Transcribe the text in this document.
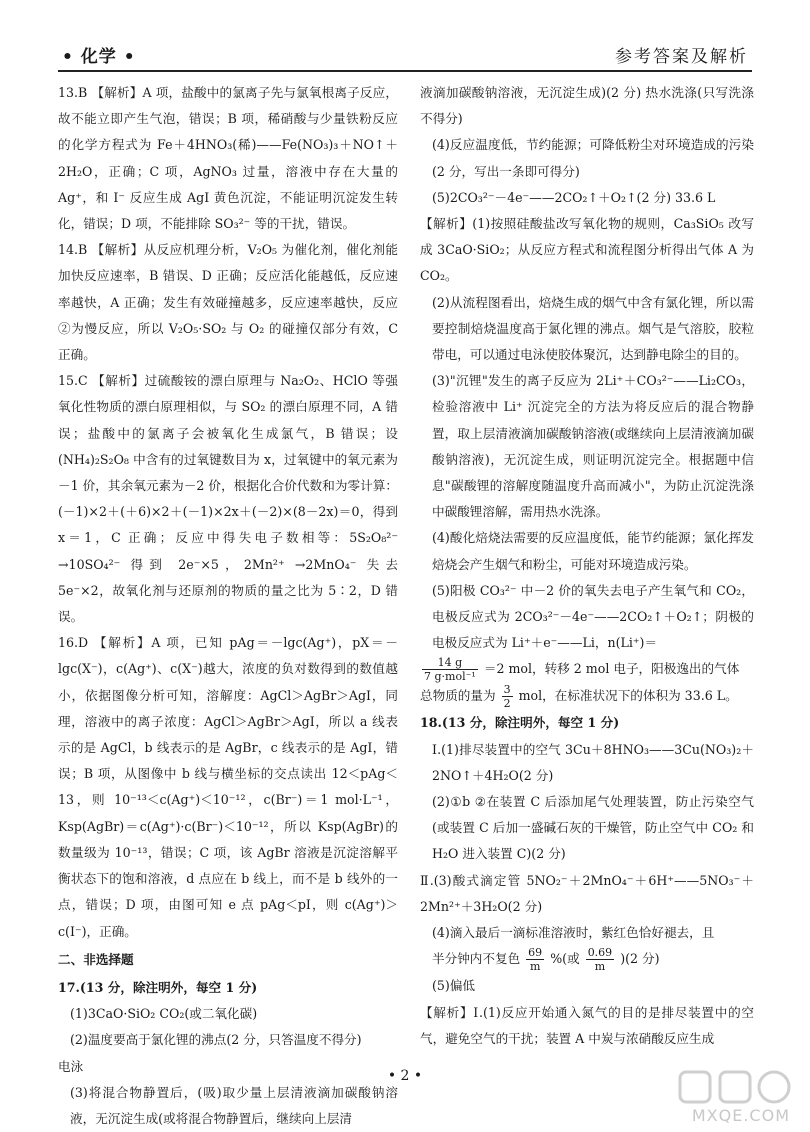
• 化学 •	参考答案及解析

13.B 【解析】A 项，盐酸中的氯离子先与氯氧根离子反应，故不能立即产生气泡，错误；B 项，稀硝酸与少量铁粉反应的化学方程式为 Fe＋4HNO₃(稀)——Fe(NO₃)₃＋NO↑＋2H₂O，正确；C 项，AgNO₃ 过量，溶液中存在大量的 Ag⁺，和 I⁻ 反应生成 AgI 黄色沉淀，不能证明沉淀发生转化，错误；D 项，不能排除 SO₃²⁻ 等的干扰，错误。

14.B 【解析】从反应机理分析，V₂O₅ 为催化剂，催化剂能加快反应速率，B 错误、D 正确；反应活化能越低，反应速率越快，A 正确；发生有效碰撞越多，反应速率越快，反应②为慢反应，所以 V₂O₅·SO₂ 与 O₂ 的碰撞仅部分有效，C 正确。

15.C 【解析】过硫酸铵的漂白原理与 Na₂O₂、HClO 等强氧化性物质的漂白原理相似，与 SO₂ 的漂白原理不同，A 错误；盐酸中的氯离子会被氧化生成氯气，B 错误；设(NH₄)₂S₂O₈ 中含有的过氧键数目为 x，过氧键中的氧元素为－1 价，其余氧元素为－2 价，根据化合价代数和为零计算：(－1)×2＋(＋6)×2＋(－1)×2x＋(－2)×(8－2x)＝0，得到 x＝1，C 正确；反应中得失电子数相等：5S₂O₈²⁻ →10SO₄²⁻ 得到 2e⁻×5，2Mn²⁺ →2MnO₄⁻ 失去 5e⁻×2，故氧化剂与还原剂的物质的量之比为 5∶2，D 错误。

16.D 【解析】A 项，已知 pAg＝－lgc(Ag⁺)，pX＝－lgc(X⁻)，c(Ag⁺)、c(X⁻)越大，浓度的负对数得到的数值越小，依据图像分析可知，溶解度：AgCl＞AgBr＞AgI，同理，溶液中的离子浓度：AgCl＞AgBr＞AgI，所以 a 线表示的是 AgCl，b 线表示的是 AgBr，c 线表示的是 AgI，错误；B 项，从图像中 b 线与横坐标的交点读出 12＜pAg＜13，则 10⁻¹³＜c(Ag⁺)＜10⁻¹²，c(Br⁻)＝1 mol·L⁻¹，Ksp(AgBr)＝c(Ag⁺)·c(Br⁻)＜10⁻¹²，所以 Ksp(AgBr)的数量级为 10⁻¹³，错误；C 项，该 AgBr 溶液是沉淀溶解平衡状态下的饱和溶液，d 点应在 b 线上，而不是 b 线外的一点，错误；D 项，由图可知 e 点 pAg＜pI，则 c(Ag⁺)＞c(I⁻)，正确。

二、非选择题

17.(13 分，除注明外，每空 1 分)

(1)3CaO·SiO₂ CO₂(或二氧化碳)

(2)温度要高于氯化锂的沸点(2 分，只答温度不得分)

电泳

(3)将混合物静置后，(吸)取少量上层清液滴加碳酸钠溶液，无沉淀生成(或将混合物静置后，继续向上层清

液滴加碳酸钠溶液，无沉淀生成)(2 分) 热水洗涤(只写洗涤不得分)

(4)反应温度低，节约能源；可降低粉尘对环境造成的污染(2 分，写出一条即可得分)

(5)2CO₃²⁻－4e⁻——2CO₂↑＋O₂↑(2 分) 33.6 L

【解析】(1)按照硅酸盐改写氧化物的规则，Ca₃SiO₅ 改写成 3CaO·SiO₂；从反应方程式和流程图分析得出气体 A 为 CO₂。

(2)从流程图看出，焙烧生成的烟气中含有氯化锂，所以需要控制焙烧温度高于氯化锂的沸点。烟气是气溶胶，胶粒带电，可以通过电泳使胶体聚沉，达到静电除尘的目的。

(3)"沉锂"发生的离子反应为 2Li⁺＋CO₃²⁻——Li₂CO₃，检验溶液中 Li⁺ 沉淀完全的方法为将反应后的混合物静置，取上层清液滴加碳酸钠溶液(或继续向上层清液滴加碳酸钠溶液)，无沉淀生成，则证明沉淀完全。根据题中信息"碳酸锂的溶解度随温度升高而减小"，为防止沉淀洗涤中碳酸锂溶解，需用热水洗涤。

(4)酸化焙烧法需要的反应温度低，能节约能源；氯化挥发焙烧会产生烟气和粉尘，可能对环境造成污染。

(5)阳极 CO₃²⁻ 中－2 价的氧失去电子产生氧气和 CO₂，电极反应式为 2CO₃²⁻－4e⁻——2CO₂↑＋O₂↑；阴极的电极反应式为 Li⁺＋e⁻——Li，n(Li⁺)＝

$\frac{14 g}{\text{7 g·mol⁻¹}} =2$ mol，转移 2 mol 电子，阳极逸出的气体

总物质的量为 $\frac{3}{2}$ mol，在标准状况下的体积为 33.6 L。

18.(13 分，除注明外，每空 1 分)

Ⅰ.(1)排尽装置中的空气 3Cu＋8HNO₃——3Cu(NO₃)₂＋2NO↑＋4H₂O(2 分)

(2)①b ②在装置 C 后添加尾气处理装置，防止污染空气(或装置 C 后加一盛碱石灰的干燥管，防止空气中 CO₂ 和 H₂O 进入装置 C)(2 分)

Ⅱ.(3)酸式滴定管 5NO₂⁻＋2MnO₄⁻＋6H⁺——5NO₃⁻＋2Mn²⁺＋3H₂O(2 分)

(4)滴入最后一滴标准溶液时，紫红色恰好褪去，且

半分钟内不复色 $\frac{69}{m}$ %(或 $\frac{0.69}{m} )(2$ 分)

(5)偏低

【解析】Ⅰ.(1)反应开始通入氮气的目的是排尽装置中的空气，避免空气的干扰；装置 A 中炭与浓硝酸反应生成

• 2 •
MXQE.COM
